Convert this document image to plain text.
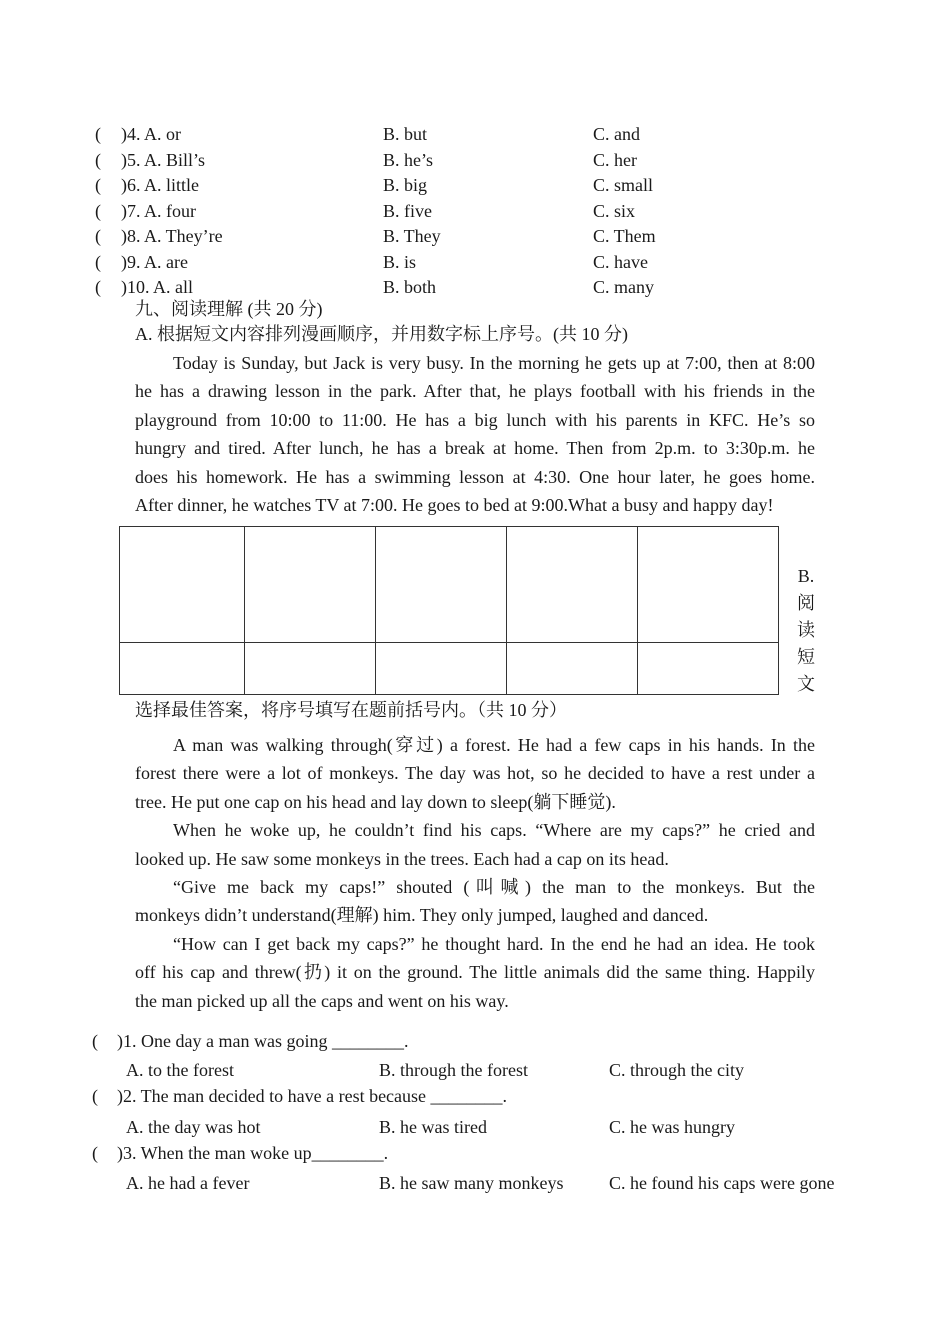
( )4. A. or	B. but	C. and
( )5. A. Bill’s	B. he’s	C. her
( )6. A. little	B. big	C. small
( )7. A. four	B. five	C. six
( )8. A. They’re	B. They	C. Them
( )9. A. are	B. is	C. have
( )10. A. all	B. both	C. many
九、阅读理解 (共 20 分)
A. 根据短文内容排列漫画顺序，并用数字标上序号。(共 10 分)
Today is Sunday, but Jack is very busy. In the morning he gets up at 7:00, then at 8:00
he has a drawing lesson in the park. After that, he plays football with his friends in the
playground from 10:00 to 11:00. He has a big lunch with his parents in KFC. He’s so
hungry and tired. After lunch, he has a break at home. Then from 2p.m. to 3:30p.m. he
does his homework. He has a swimming lesson at 4:30. One hour later, he goes home.
After dinner, he watches TV at 7:00. He goes to bed at 9:00.What a busy and happy day!

B.
阅
读
短
文
选择最佳答案，将序号填写在题前括号内。（共 10 分）
A man was walking through(穿过) a forest. He had a few caps in his hands. In the
forest there were a lot of monkeys. The day was hot, so he decided to have a rest under a
tree. He put one cap on his head and lay down to sleep(躺下睡觉).
When he woke up, he couldn’t find his caps. “Where are my caps?” he cried and
looked up. He saw some monkeys in the trees. Each had a cap on its head.
“Give me back my caps!” shouted (叫喊) the man to the monkeys. But the
monkeys didn’t understand(理解) him. They only jumped, laughed and danced.
“How can I get back my caps?” he thought hard. In the end he had an idea. He took
off his cap and threw(扔) it on the ground. The little animals did the same thing. Happily
the man picked up all the caps and went on his way.
( )1. One day a man was going ________.
A. to the forest	B. through the forest	C. through the city
( )2. The man decided to have a rest because ________.
A. the day was hot	B. he was tired	C. he was hungry
( )3. When the man woke up________.
A. he had a fever	B. he saw many monkeys	C. he found his caps were gone
